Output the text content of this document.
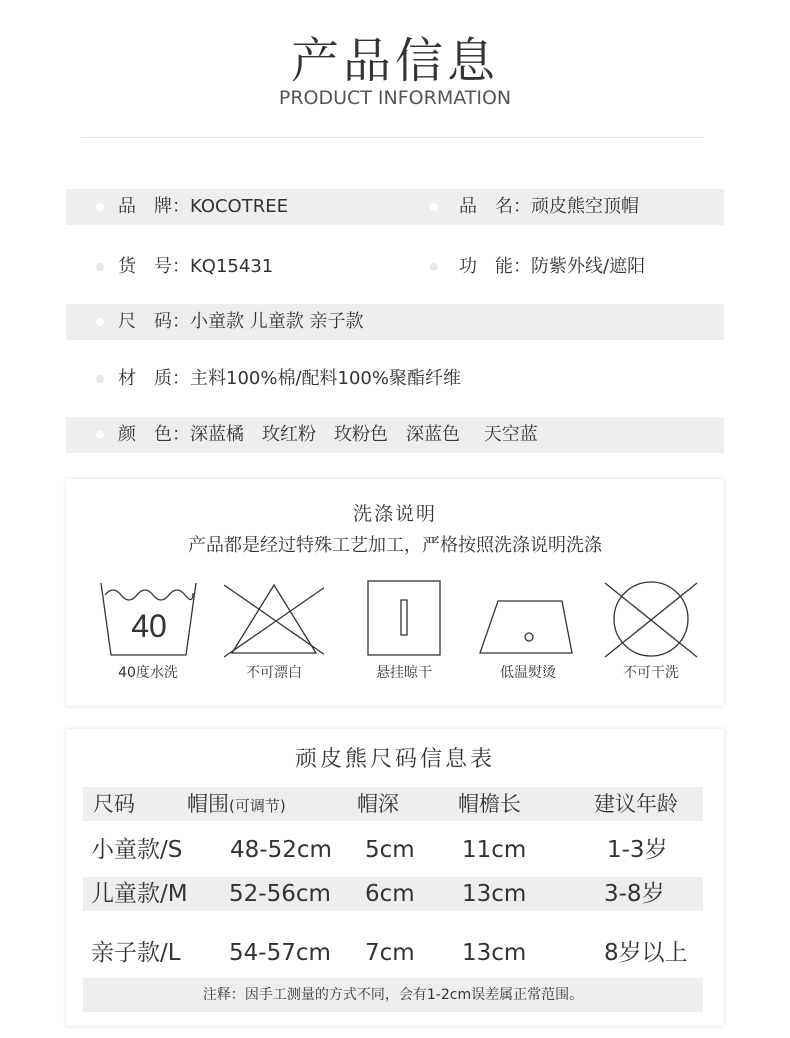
产品信息
PRODUCT INFORMATION
品　牌：KOCOTREE	品　名：顽皮熊空顶帽
货　号：KQ15431	功　能：防紫外线/遮阳
尺　码：小童款 儿童款 亲子款
材　质：主料100%棉/配料100%聚酯纤维
颜　色：深蓝橘　玫红粉　玫粉色　深蓝色　 天空蓝
洗涤说明
产品都是经过特殊工艺加工，严格按照洗涤说明洗涤
40
40度水洗	不可漂白	悬挂晾干	低温熨烫	不可干洗
顽皮熊尺码信息表
尺码 帽围(可调节)	帽深	帽檐长	建议年龄
小童款/S 48-52cm 5cm 11cm	1-3岁
儿童款/M 52-56cm 6cm 13cm	3-8岁
亲子款/L 54-57cm 7cm 13cm	8岁以上
注释：因手工测量的方式不同，会有1-2cm误差属正常范围。
